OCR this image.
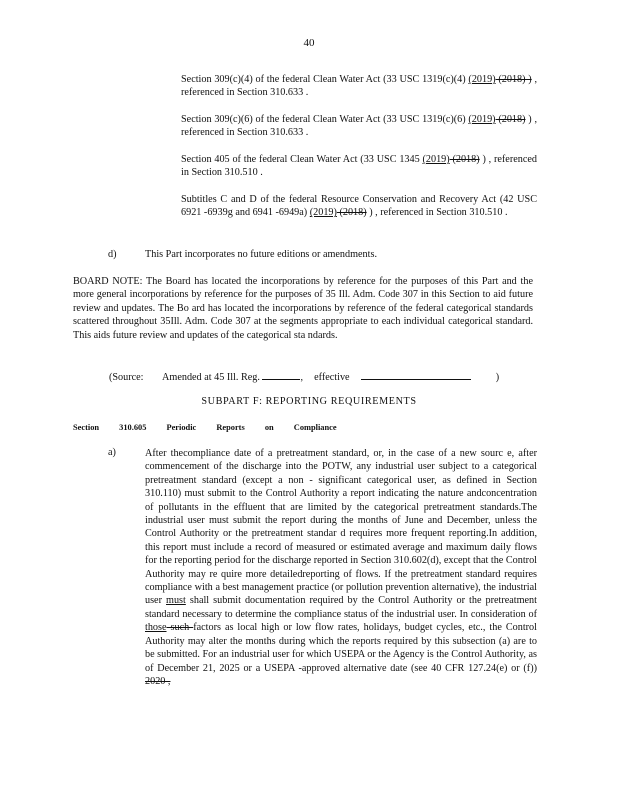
40
Section 309(c)(4) of the federal Clean Water Act (33 USC 1319(c)(4) (2019) (2018) ) , referenced in Section 310.633 .
Section 309(c)(6) of the federal Clean Water Act (33 USC 1319(c)(6) (2019) (2018) ) , referenced in Section 310.633 .
Section 405 of the federal Clean Water Act (33 USC 1345 (2019) (2018) ) , referenced in Section 310.510 .
Subtitles C and D of the federal Resource Conservation and Recovery Act (42 USC 6921 -6939g and 6941 -6949a) (2019) (2018) ) , referenced in Section 310.510 .
d)	This Part incorporates no future editions or amendments.
BOARD NOTE: The Board has located the incorporations by reference for the purposes of this Part and the more general incorporations by reference for the purposes of 35 Ill. Adm. Code 307 in this Section to aid future review and updates. The Bo ard has located the incorporations by reference of the federal categorical standards scattered throughout 35Ill. Adm. Code 307 at the segments appropriate to each individual categorical standard. This aids future review and updates of the categorical sta ndards.
(Source: Amended at 45 Ill. Reg.	,  effective	)
SUBPART F: REPORTING REQUIREMENTS
Section 310.605 Periodic Reports on Compliance
a)	After thecompliance date of a pretreatment standard, or, in the case of a new sourc e, after commencement of the discharge into the POTW, any industrial user subject to a categorical pretreatment standard (except a non - significant categorical user, as defined in Section 310.110) must submit to the Control Authority a report indicating the nature andconcentration of pollutants in the effluent that are limited by the categorical pretreatment standards.The industrial user must submit the report during the months of June and December, unless the Control Authority or the pretreatment standar d requires more frequent reporting.In addition, this report must include a record of measured or estimated average and maximum daily flows for the reporting period for the discharge reported in Section 310.602(d), except that the Control Authority may re quire more detailedreporting of flows. If the pretreatment standard requires compliance with a best management practice (or pollution prevention alternative), the industrial user must shall submit documentation required by the Control Authority or the pretreatment standard necessary to determine the compliance status of the industrial user. In consideration of those such factors as local high or low flow rates, holidays, budget cycles, etc., the Control Authority may alter the months during which the reports required by this subsection (a) are to be submitted. For an industrial user for which USEPA or the Agency is the Control Authority, as of December 21, 2025 or a USEPA -approved alternative date (see 40 CFR 127.24(e) or (f)) 2020 ,
